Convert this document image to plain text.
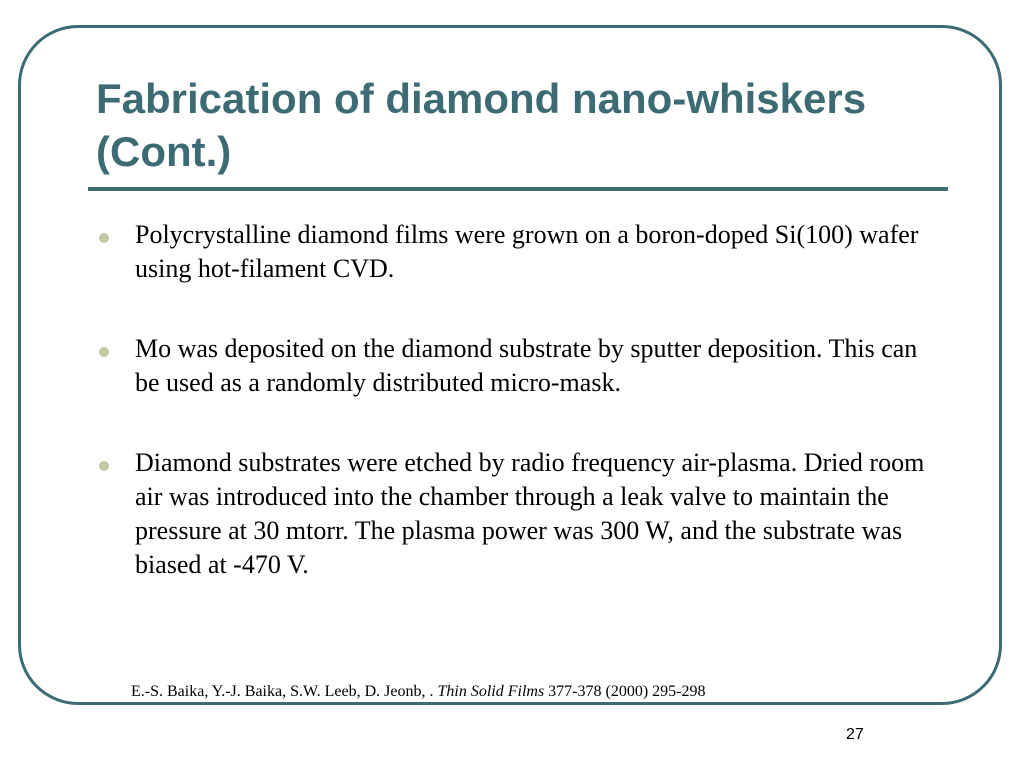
Fabrication of diamond nano-whiskers (Cont.)
Polycrystalline diamond films were grown on a boron-doped Si(100) wafer using hot-filament CVD.
Mo was deposited on the diamond substrate by sputter deposition. This can be used as a randomly distributed micro-mask.
Diamond substrates were etched by radio frequency air-plasma. Dried room air was introduced into the chamber through a leak valve to maintain the pressure at 30 mtorr. The plasma power was 300 W, and the substrate was biased at -470 V.
E.-S. Baika, Y.-J. Baika, S.W. Leeb, D. Jeonb, . Thin Solid Films 377-378 (2000) 295-298
27
